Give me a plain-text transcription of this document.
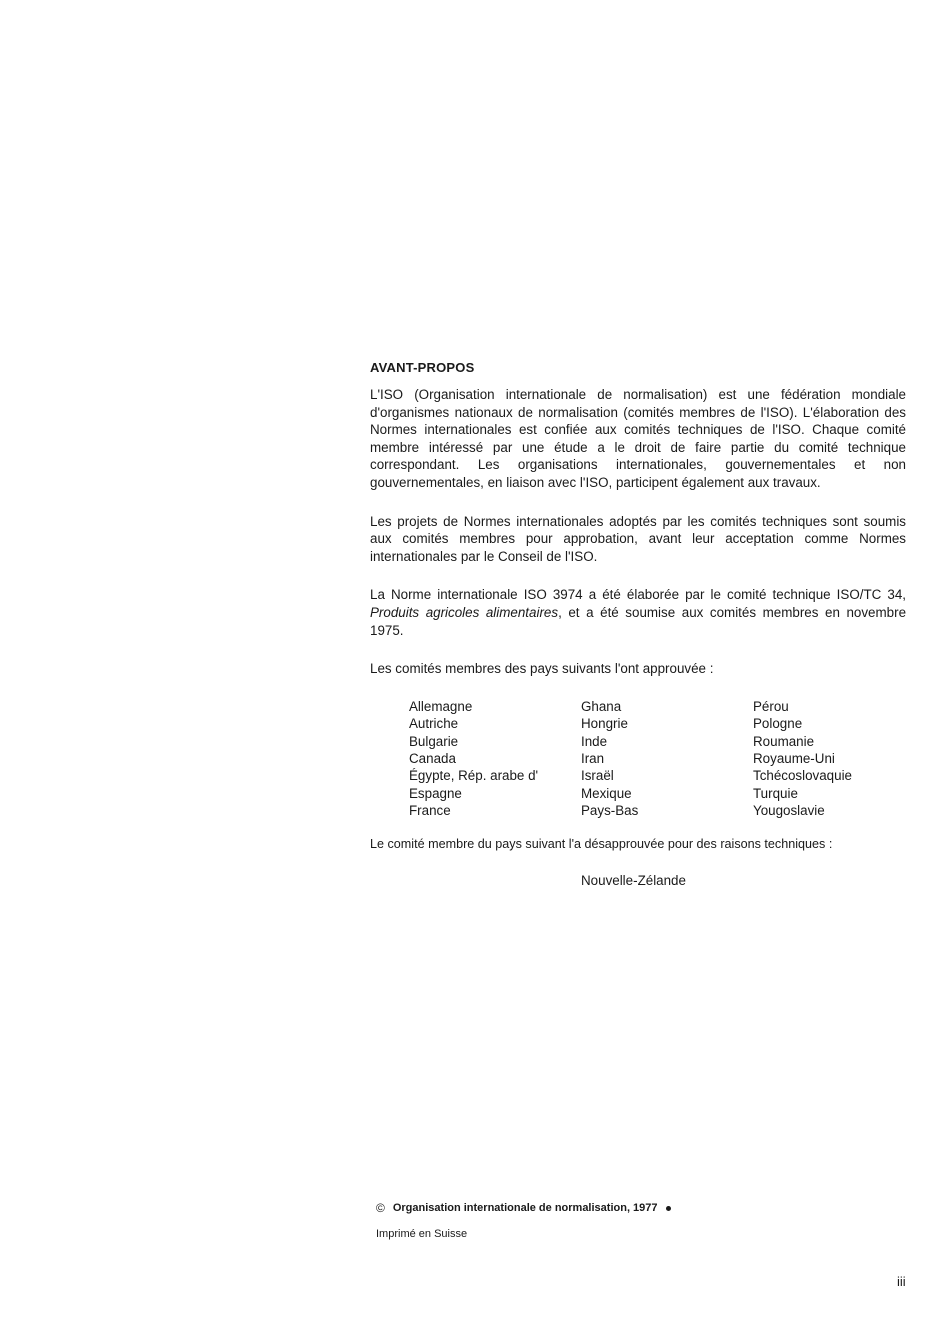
AVANT-PROPOS

L'ISO (Organisation internationale de normalisation) est une fédération mondiale d'organismes nationaux de normalisation (comités membres de l'ISO). L'élaboration des Normes internationales est confiée aux comités techniques de l'ISO. Chaque comité membre intéressé par une étude a le droit de faire partie du comité technique correspondant. Les organisations internationales, gouvernementales et non gouvernementales, en liaison avec l'ISO, participent également aux travaux.

Les projets de Normes internationales adoptés par les comités techniques sont soumis aux comités membres pour approbation, avant leur acceptation comme Normes internationales par le Conseil de l'ISO.

La Norme internationale ISO 3974 a été élaborée par le comité technique ISO/TC 34, Produits agricoles alimentaires, et a été soumise aux comités membres en novembre 1975.

Les comités membres des pays suivants l'ont approuvée :

Allemagne
Autriche
Bulgarie
Canada
Égypte, Rép. arabe d'
Espagne
France
Ghana
Hongrie
Inde
Iran
Israël
Mexique
Pays-Bas
Pérou
Pologne
Roumanie
Royaume-Uni
Tchécoslovaquie
Turquie
Yougoslavie

Le comité membre du pays suivant l'a désapprouvée pour des raisons techniques :

Nouvelle-Zélande

© Organisation internationale de normalisation, 1977

Imprimé en Suisse

iii
